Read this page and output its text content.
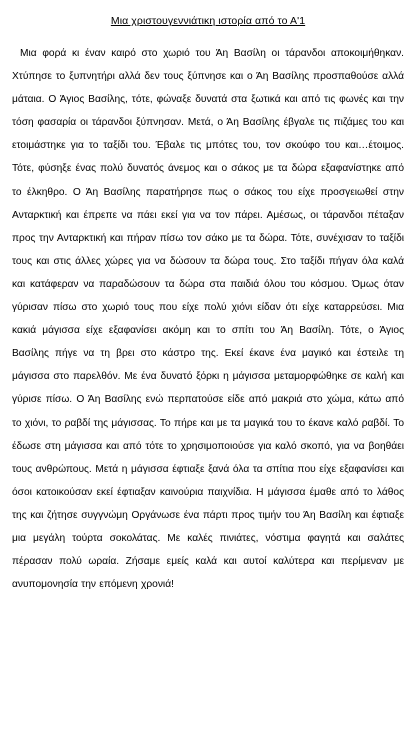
Μια χριστουγεννιάτικη ιστορία από το Α'1

Μια φορά κι έναν καιρό στο χωριό του Άη Βασίλη οι τάρανδοι αποκοιμήθηκαν. Χτύπησε το ξυπνητήρι αλλά δεν τους ξύπνησε και ο Άη Βασίλης προσπαθούσε αλλά μάταια. Ο Άγιος Βασίλης, τότε, φώναξε δυνατά στα ξωτικά και από τις φωνές και την τόση φασαρία οι τάρανδοι ξύπνησαν. Μετά, ο Άη Βασίλης έβγαλε τις πιζάμες του και ετοιμάστηκε για το ταξίδι του. Έβαλε τις μπότες του, τον σκούφο του και…έτοιμος. Τότε, φύσηξε ένας πολύ δυνατός άνεμος και ο σάκος με τα δώρα εξαφανίστηκε από το έλκηθρο. Ο Άη Βασίλης παρατήρησε πως ο σάκος του είχε προσγειωθεί στην Ανταρκτική και έπρεπε να πάει εκεί για να τον πάρει. Αμέσως, οι τάρανδοι πέταξαν προς την Ανταρκτική και πήραν πίσω τον σάκο με τα δώρα. Τότε, συνέχισαν το ταξίδι τους και στις άλλες χώρες για να δώσουν τα δώρα τους. Στο ταξίδι πήγαν όλα καλά και κατάφεραν να παραδώσουν τα δώρα στα παιδιά όλου του κόσμου. Όμως όταν γύρισαν πίσω στο χωριό τους που είχε πολύ χιόνι είδαν ότι είχε καταρρεύσει. Μια κακιά μάγισσα είχε εξαφανίσει ακόμη και το σπίτι του Άη Βασίλη. Τότε, ο Άγιος Βασίλης πήγε να τη βρει στο κάστρο της. Εκεί έκανε ένα μαγικό και έστειλε τη μάγισσα στο παρελθόν. Με ένα δυνατό ξόρκι η μάγισσα μεταμορφώθηκε σε καλή και γύρισε πίσω. Ο Άη Βασίλης ενώ περπατούσε είδε από μακριά στο χώμα, κάτω από το χιόνι, το ραβδί της μάγισσας. Το πήρε και με τα μαγικά του το έκανε καλό ραβδί. Το έδωσε στη μάγισσα και από τότε το χρησιμοποιούσε για καλό σκοπό, για να βοηθάει τους ανθρώπους. Μετά η μάγισσα έφτιαξε ξανά όλα τα σπίτια που είχε εξαφανίσει και όσοι κατοικούσαν εκεί έφτιαξαν καινούρια παιχνίδια. Η μάγισσα έμαθε από το λάθος της και ζήτησε συγγνώμη Οργάνωσε ένα πάρτι προς τιμήν του Άη Βασίλη και έφτιαξε μια μεγάλη τούρτα σοκολάτας. Με καλές πινιάτες, νόστιμα φαγητά και σαλάτες πέρασαν πολύ ωραία. Ζήσαμε εμείς καλά και αυτοί καλύτερα και περίμεναν με ανυπομονησία την επόμενη χρονιά!
